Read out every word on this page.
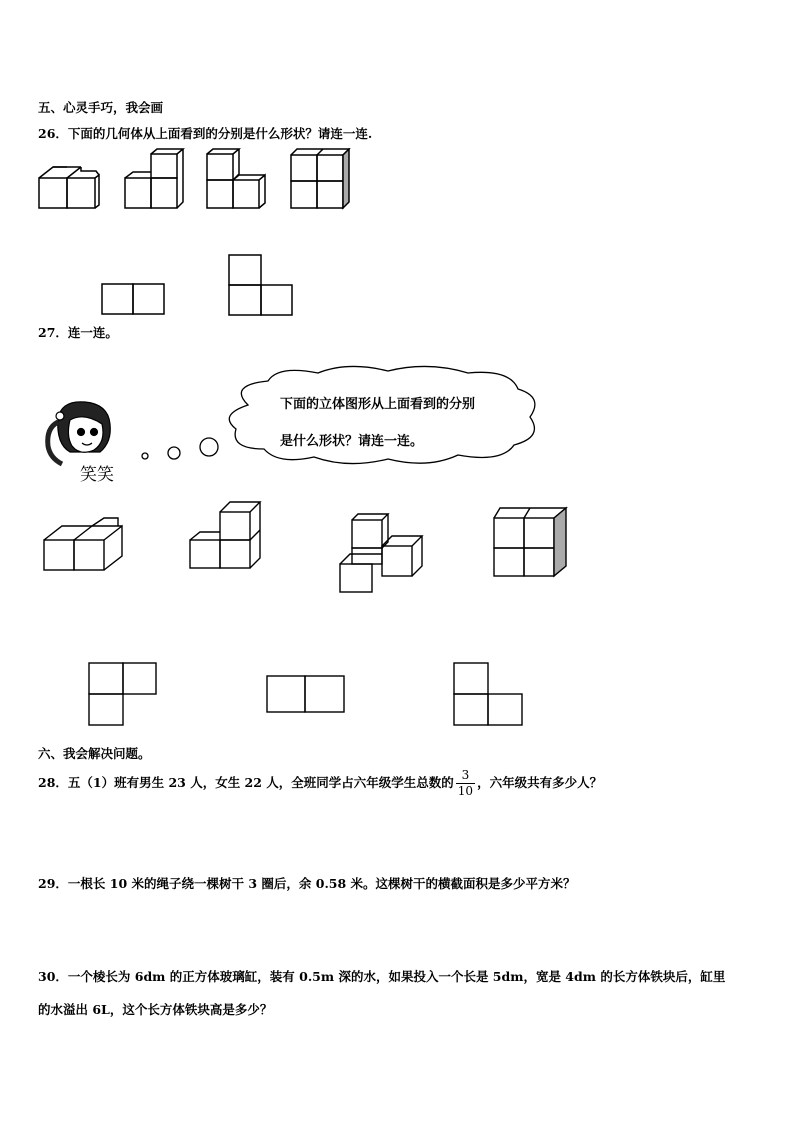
五、心灵手巧，我会画
26．下面的几何体从上面看到的分别是什么形状？请连一连.
27．连一连。
笑笑
下面的立体图形从上面看到的分别
是什么形状？请连一连。
六、我会解决问题。
28．五（1）班有男生 23 人，女生 22 人，全班同学占六年级学生总数的 $\frac{3}{10}$ ，六年级共有多少人？
29．一根长 10 米的绳子绕一棵树干 3 圈后，余 0.58 米。这棵树干的横截面积是多少平方米？
30．一个棱长为 6dm 的正方体玻璃缸，装有 0.5m 深的水，如果投入一个长是 5dm，宽是 4dm 的长方体铁块后，缸里
的水溢出 6L，这个长方体铁块高是多少？
